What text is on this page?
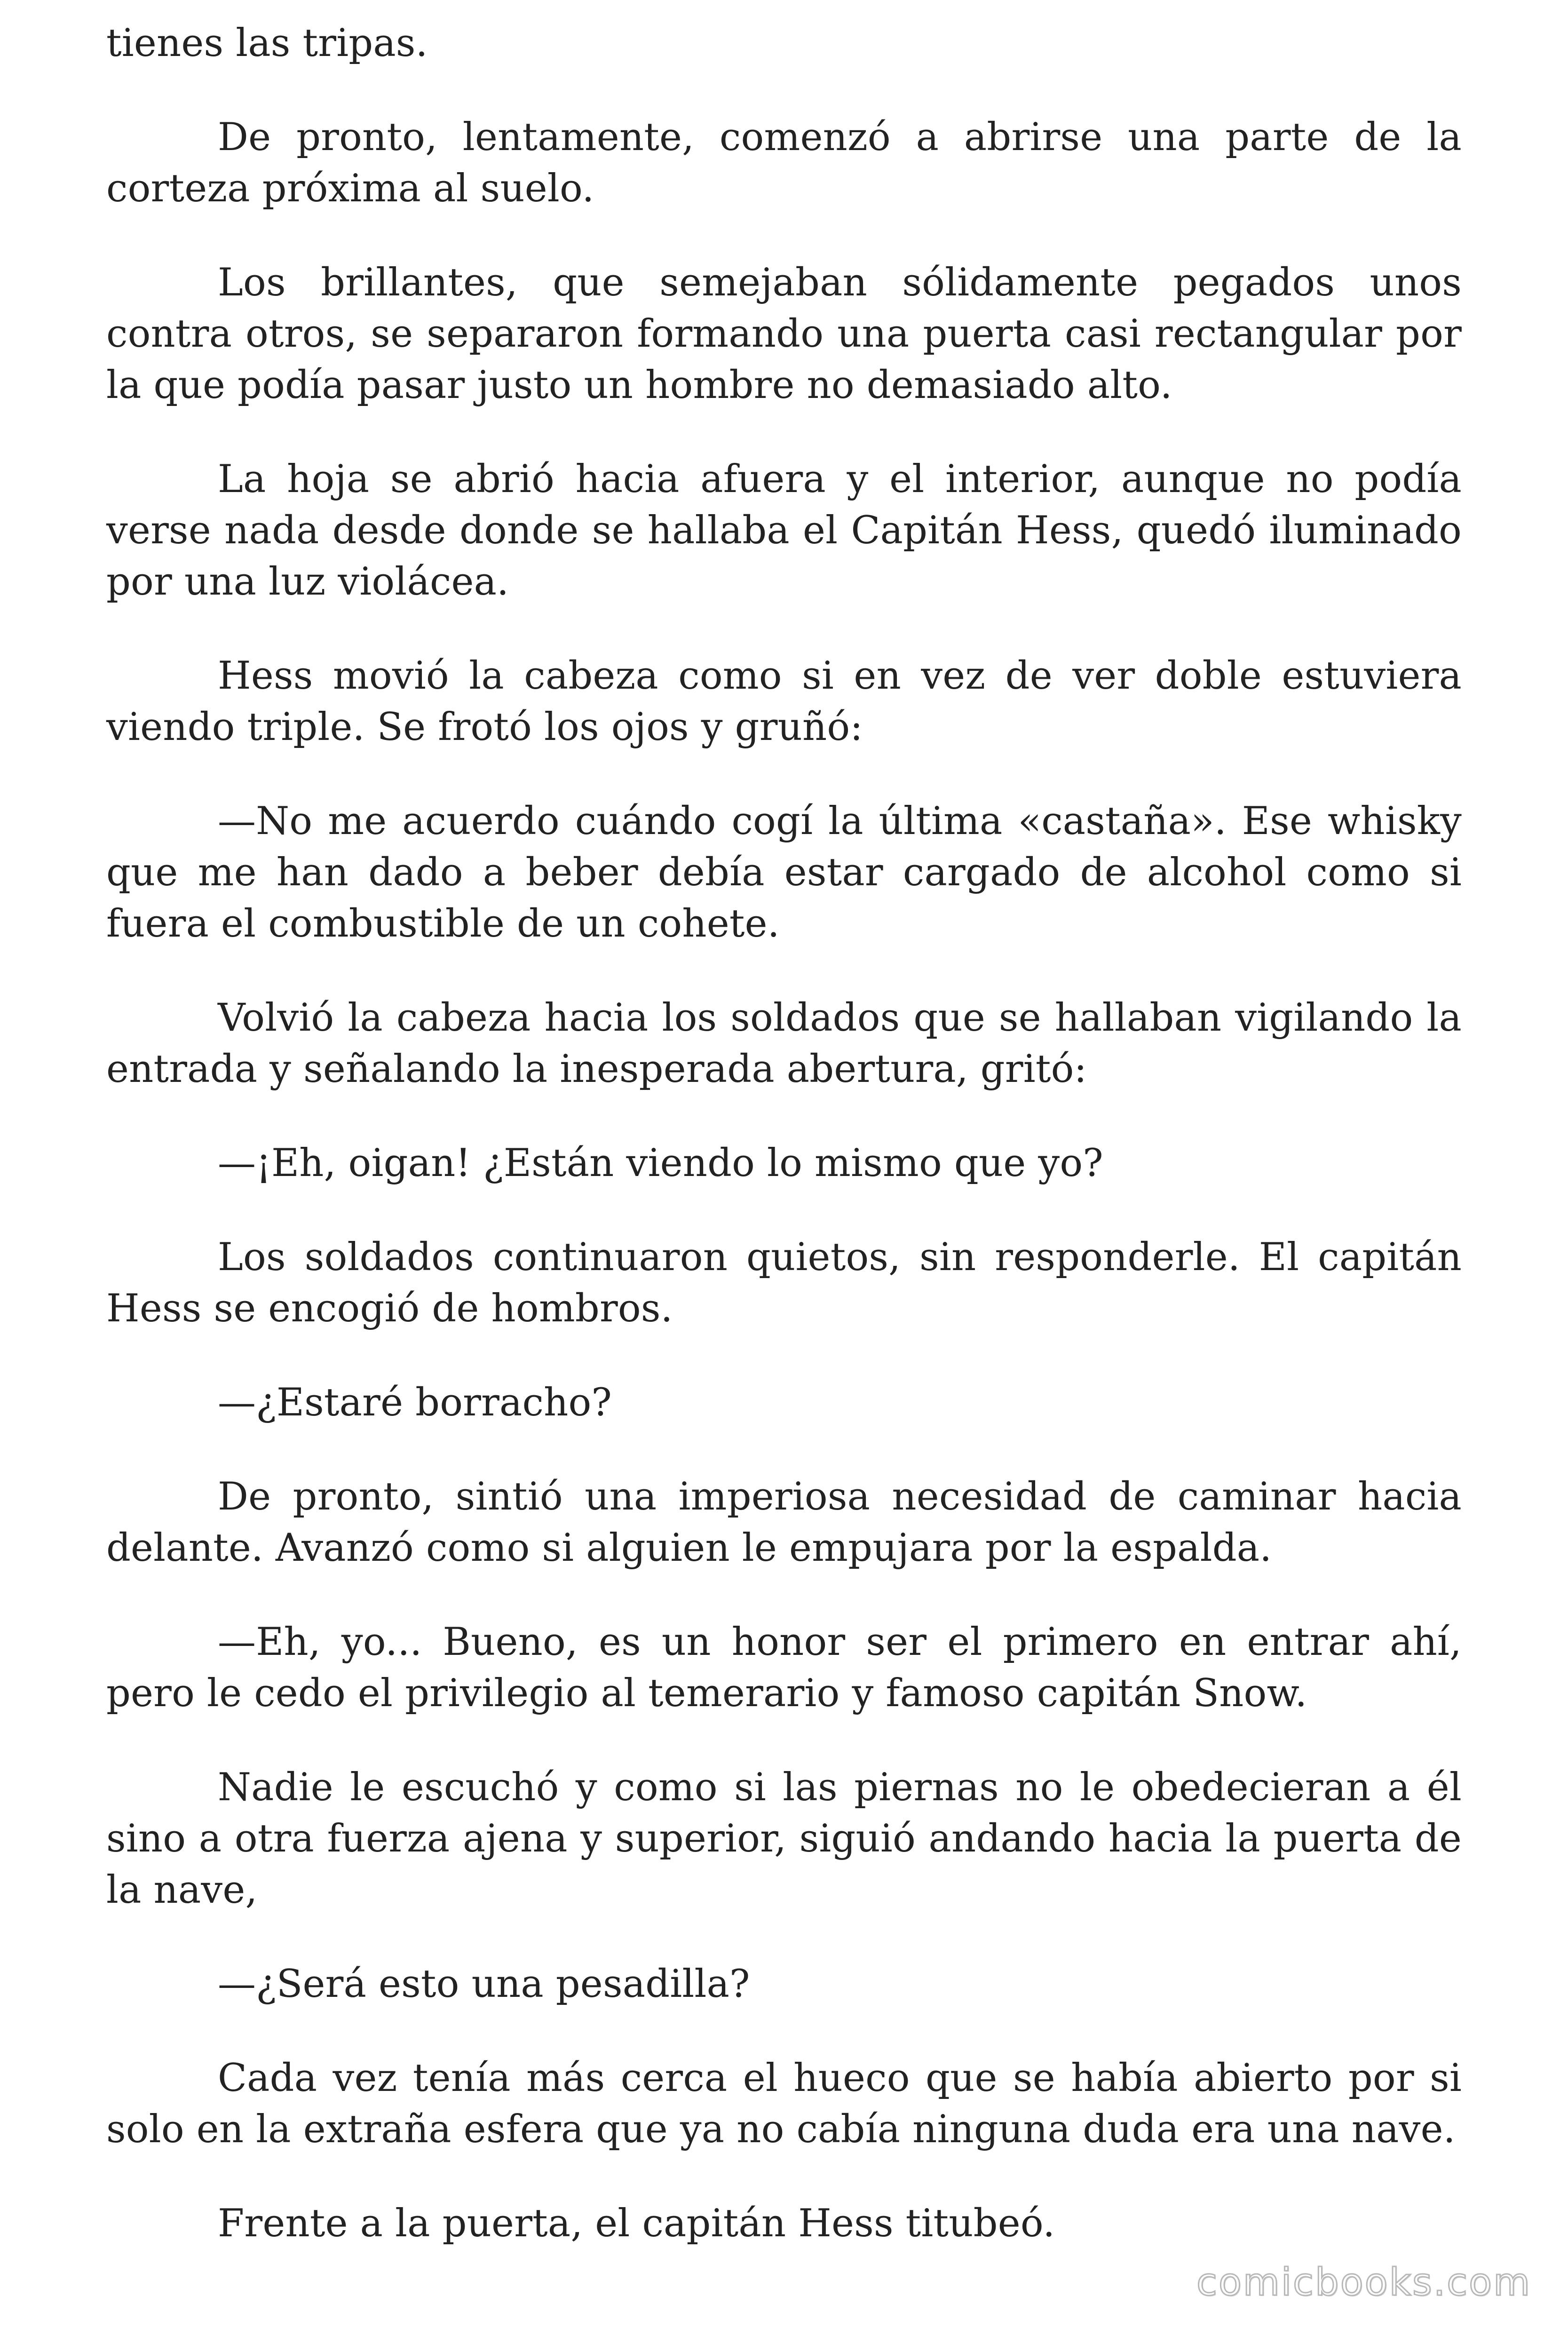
tienes las tripas.

De pronto, lentamente, comenzó a abrirse una parte de la corteza próxima al suelo.

Los brillantes, que semejaban sólidamente pegados unos contra otros, se separaron formando una puerta casi rectangular por la que podía pasar justo un hombre no demasiado alto.

La hoja se abrió hacia afuera y el interior, aunque no podía verse nada desde donde se hallaba el Capitán Hess, quedó iluminado por una luz violácea.

Hess movió la cabeza como si en vez de ver doble estuviera viendo triple. Se frotó los ojos y gruñó:

—No me acuerdo cuándo cogí la última «castaña». Ese whisky que me han dado a beber debía estar cargado de alcohol como si fuera el combustible de un cohete.

Volvió la cabeza hacia los soldados que se hallaban vigilando la entrada y señalando la inesperada abertura, gritó:

—¡Eh, oigan! ¿Están viendo lo mismo que yo?

Los soldados continuaron quietos, sin responderle. El capitán Hess se encogió de hombros.

—¿Estaré borracho?

De pronto, sintió una imperiosa necesidad de caminar hacia delante. Avanzó como si alguien le empujara por la espalda.

—Eh, yo... Bueno, es un honor ser el primero en entrar ahí, pero le cedo el privilegio al temerario y famoso capitán Snow.

Nadie le escuchó y como si las piernas no le obedecieran a él sino a otra fuerza ajena y superior, siguió andando hacia la puerta de la nave,

—¿Será esto una pesadilla?

Cada vez tenía más cerca el hueco que se había abierto por si solo en la extraña esfera que ya no cabía ninguna duda era una nave.

Frente a la puerta, el capitán Hess titubeó.

comicbooks.com
